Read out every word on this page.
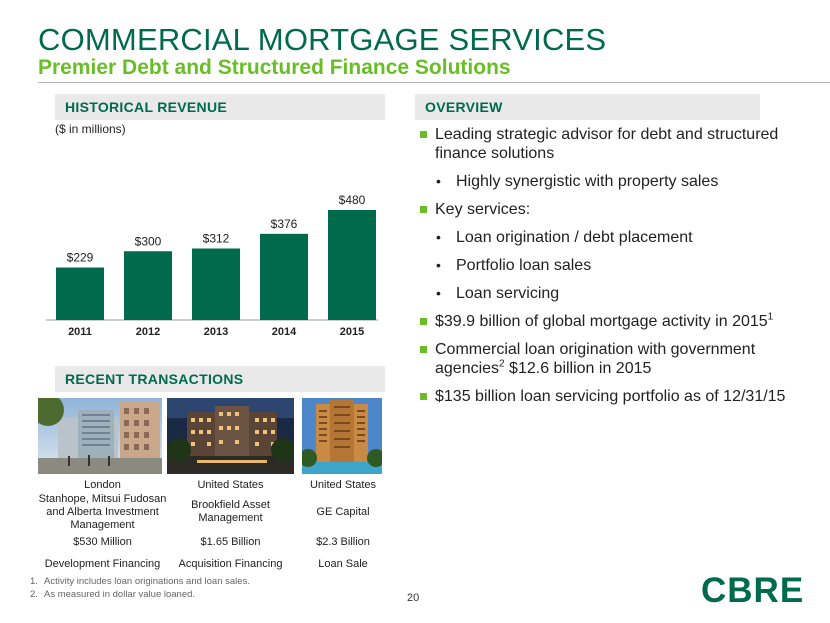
COMMERCIAL MORTGAGE SERVICES
Premier Debt and Structured Finance Solutions
HISTORICAL REVENUE
($ in millions)
$229
2011
$300
2012
$312
2013
$376
2014
$480
2015
OVERVIEW
Leading strategic advisor for debt and structured finance solutions
• Highly synergistic with property sales
Key services:
• Loan origination / debt placement
• Portfolio loan sales
• Loan servicing
$39.9 billion of global mortgage activity in 2015$^1$
Commercial loan origination with government agencies$^2$ $12.6 billion in 2015
$135 billion loan servicing portfolio as of 12/31/15
RECENT TRANSACTIONS
London
Stanhope, Mitsui Fudosan and Alberta Investment Management
$530 Million
Development Financing
United States
Brookfield Asset Management
$1.65 Billion
Acquisition Financing
United States
GE Capital
$2.3 Billion
Loan Sale
1. Activity includes loan originations and loan sales.
2. As measured in dollar value loaned.	20	CBRE
